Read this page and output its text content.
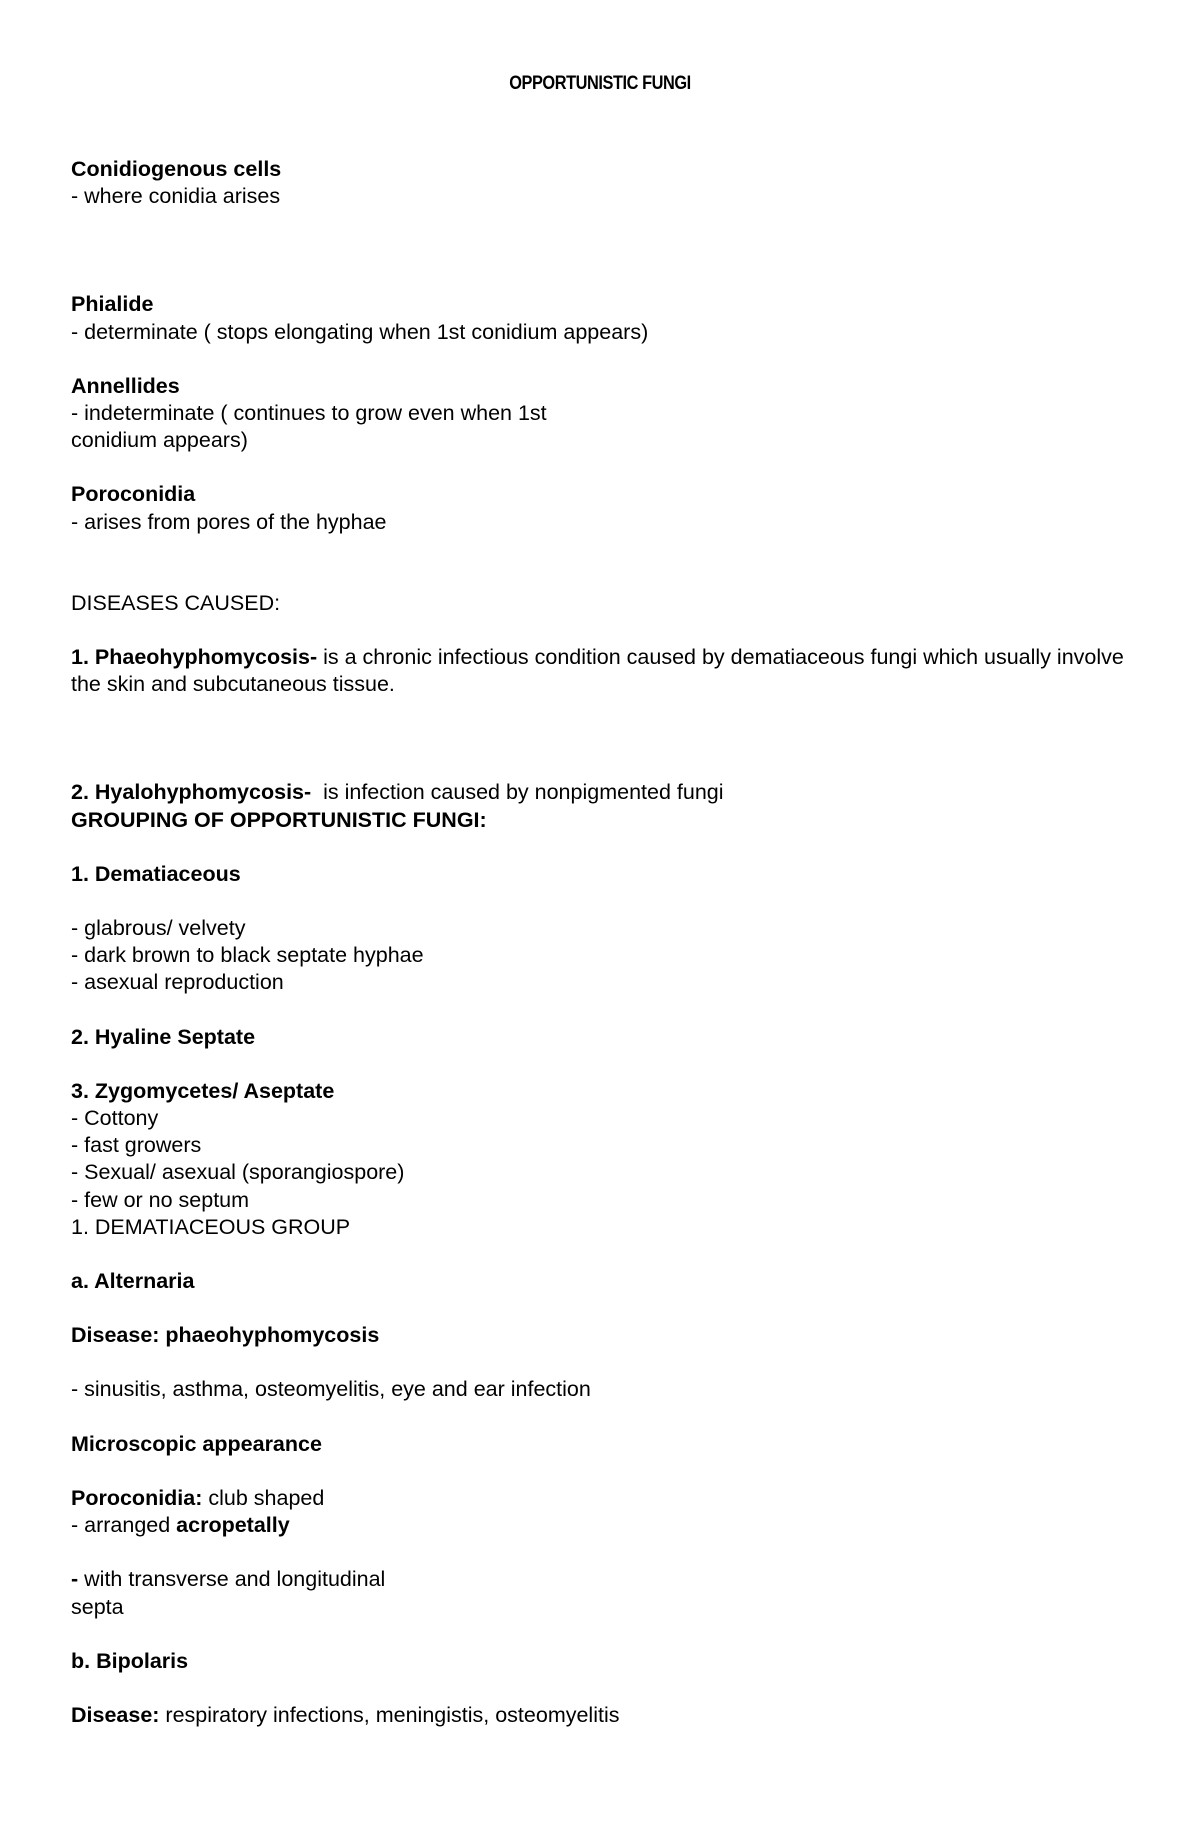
OPPORTUNISTIC FUNGI
Conidiogenous cells
- where conidia arises
Phialide
- determinate ( stops elongating when 1st conidium appears)
Annellides
- indeterminate ( continues to grow even when 1st
conidium appears)
Poroconidia
- arises from pores of the hyphae
DISEASES CAUSED:
1. Phaeohyphomycosis- is a chronic infectious condition caused by dematiaceous fungi which usually involve the skin and subcutaneous tissue.
2. Hyalohyphomycosis-  is infection caused by nonpigmented fungi
GROUPING OF OPPORTUNISTIC FUNGI:
1. Dematiaceous
- glabrous/ velvety
- dark brown to black septate hyphae
- asexual reproduction
2. Hyaline Septate
3. Zygomycetes/ Aseptate
- Cottony
- fast growers
- Sexual/ asexual (sporangiospore)
- few or no septum
1. DEMATIACEOUS GROUP
a. Alternaria
Disease: phaeohyphomycosis
- sinusitis, asthma, osteomyelitis, eye and ear infection
Microscopic appearance
Poroconidia: club shaped
- arranged acropetally
- with transverse and longitudinal
septa
b. Bipolaris
Disease: respiratory infections, meningistis, osteomyelitis
